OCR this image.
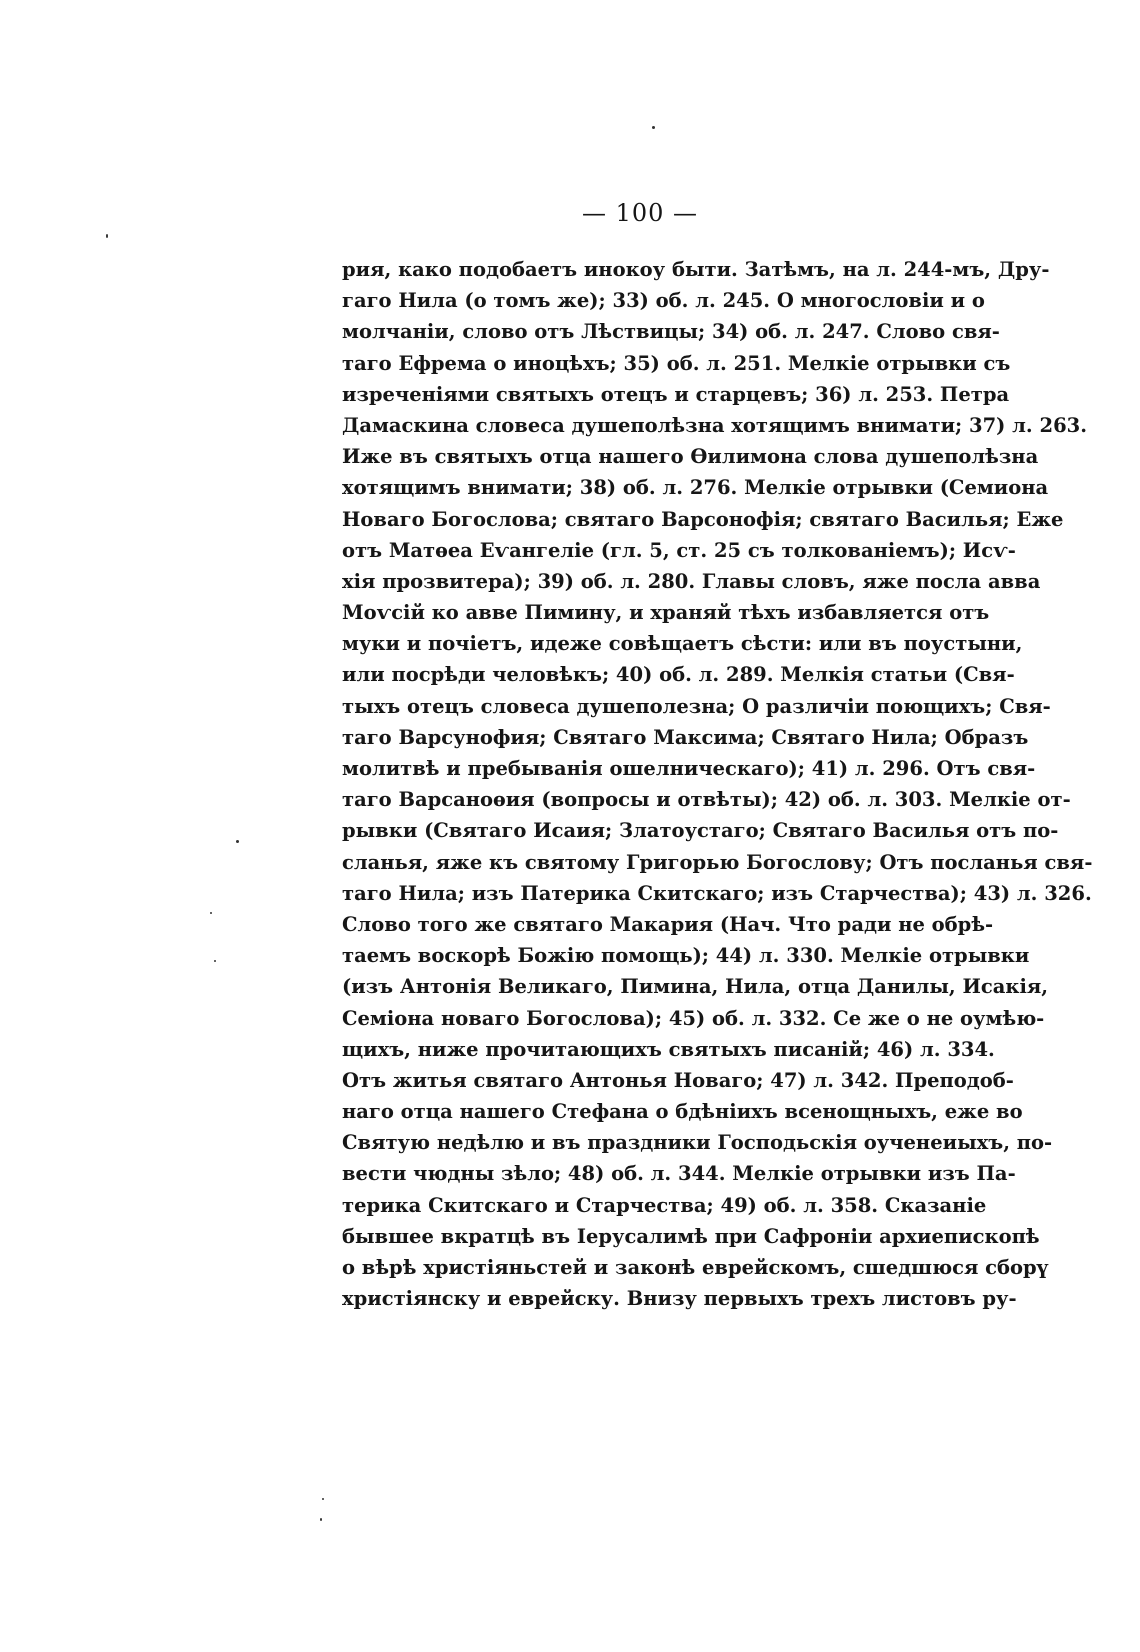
— 100 —
рия, како подобаетъ инокоу быти. Затѣмъ, на л. 244-мъ, Дру-
гаго Нила (о томъ же); 33) об. л. 245. О многословіи и о
молчаніи, слово отъ Лѣствицы; 34) об. л. 247. Слово свя-
таго Ефрема о иноцѣхъ; 35) об. л. 251. Мелкіе отрывки съ
изреченіями святыхъ отецъ и старцевъ; 36) л. 253. Петра
Дамаскина словеса душеполѣзна хотящимъ внимати; 37) л. 263.
Иже въ святыхъ отца нашего Ѳилимона слова душеполѣзна
хотящимъ внимати; 38) об. л. 276. Мелкіе отрывки (Семиона
Новаго Богослова; святаго Варсонофія; святаго Василья; Еже
отъ Матѳеа Еѵангеліе (гл. 5, ст. 25 съ толкованіемъ); Исѵ-
хія прозвитера); 39) об. л. 280. Главы словъ, яже посла авва
Моѵсій ко авве Пимину, и храняй тѣхъ избавляется отъ
муки и почіетъ, идеже совѣщаетъ сѣсти: или въ поустыни,
или посрѣди человѣкъ; 40) об. л. 289. Мелкія статьи (Свя-
тыхъ отецъ словеса душеполезна; О различіи поющихъ; Свя-
таго Варсунофия; Святаго Максима; Святаго Нила; Образъ
молитвѣ и пребыванія ошелническаго); 41) л. 296. Отъ свя-
таго Варсаноѳия (вопросы и отвѣты); 42) об. л. 303. Мелкіе от-
рывки (Святаго Исаия; Златоустаго; Святаго Василья отъ по-
сланья, яже къ святому Григорью Богослову; Отъ посланья свя-
таго Нила; изъ Патерика Скитскаго; изъ Старчества); 43) л. 326.
Слово того же святаго Макария (Нач. Что ради не обрѣ-
таемъ воскорѣ Божію помощь); 44) л. 330. Мелкіе отрывки
(изъ Антонія Великаго, Пимина, Нила, отца Данилы, Исакія,
Семіона новаго Богослова); 45) об. л. 332. Се же о не оумѣю-
щихъ, ниже прочитающихъ святыхъ писаній; 46) л. 334.
Отъ житья святаго Антонья Новаго; 47) л. 342. Преподоб-
наго отца нашего Стефана о бдѣніихъ всенощныхъ, еже во
Святую недѣлю и въ праздники Господьскія оученеиыхъ, по-
вести чюдны зѣло; 48) об. л. 344. Мелкіе отрывки изъ Па-
терика Скитскаго и Старчества; 49) об. л. 358. Сказаніе
бывшее вкратцѣ въ Іерусалимѣ при Сафроніи архиепископѣ
о вѣрѣ христіяньстей и законѣ еврейскомъ, сшедшюся сборү
христіянску и еврейску. Внизу первыхъ трехъ листовъ ру-
